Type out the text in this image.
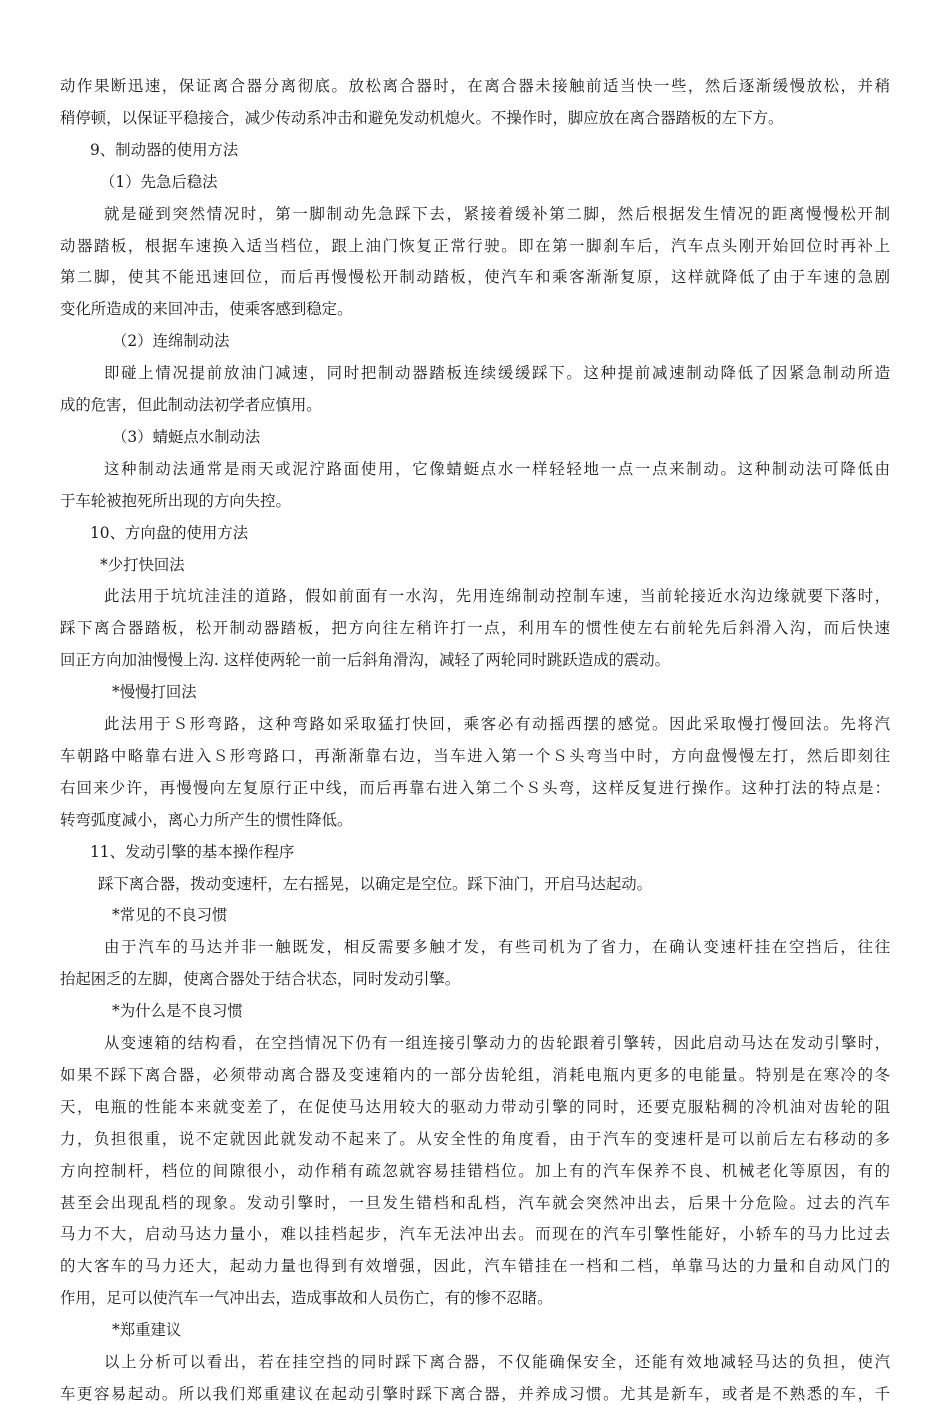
动作果断迅速，保证离合器分离彻底。放松离合器时，在离合器未接触前适当快一些，然后逐渐缓慢放松，并稍
稍停顿，以保证平稳接合，减少传动系冲击和避免发动机熄火。不操作时，脚应放在离合器踏板的左下方。
9、制动器的使用方法
（1）先急后稳法
就是碰到突然情况时，第一脚制动先急踩下去，紧接着缓补第二脚，然后根据发生情况的距离慢慢松开制
动器踏板，根据车速换入适当档位，跟上油门恢复正常行驶。即在第一脚刹车后，汽车点头刚开始回位时再补上
第二脚，使其不能迅速回位，而后再慢慢松开制动踏板，使汽车和乘客渐渐复原，这样就降低了由于车速的急剧
变化所造成的来回冲击，使乘客感到稳定。
（2）连绵制动法
即碰上情况提前放油门减速，同时把制动器踏板连续缓缓踩下。这种提前减速制动降低了因紧急制动所造
成的危害，但此制动法初学者应慎用。
（3）蜻蜓点水制动法
这种制动法通常是雨天或泥泞路面使用，它像蜻蜓点水一样轻轻地一点一点来制动。这种制动法可降低由
于车轮被抱死所出现的方向失控。
10、方向盘的使用方法
*少打快回法
此法用于坑坑洼洼的道路，假如前面有一水沟，先用连绵制动控制车速，当前轮接近水沟边缘就要下落时，
踩下离合器踏板，松开制动器踏板，把方向往左稍许打一点，利用车的惯性使左右前轮先后斜滑入沟，而后快速
回正方向加油慢慢上沟. 这样使两轮一前一后斜角滑沟，减轻了两轮同时跳跃造成的震动。
*慢慢打回法
此法用于Ｓ形弯路，这种弯路如采取猛打快回，乘客必有动摇西摆的感觉。因此采取慢打慢回法。先将汽
车朝路中略靠右进入Ｓ形弯路口，再渐渐靠右边，当车进入第一个Ｓ头弯当中时，方向盘慢慢左打，然后即刻往
右回来少许，再慢慢向左复原行正中线，而后再靠右进入第二个Ｓ头弯，这样反复进行操作。这种打法的特点是：
转弯弧度减小，离心力所产生的惯性降低。
11、发动引擎的基本操作程序
踩下离合器，拨动变速杆，左右摇晃，以确定是空位。踩下油门，开启马达起动。
*常见的不良习惯
由于汽车的马达并非一触既发，相反需要多触才发，有些司机为了省力，在确认变速杆挂在空挡后，往往
抬起困乏的左脚，使离合器处于结合状态，同时发动引擎。
*为什么是不良习惯
从变速箱的结构看，在空挡情况下仍有一组连接引擎动力的齿轮跟着引擎转，因此启动马达在发动引擎时，
如果不踩下离合器，必须带动离合器及变速箱内的一部分齿轮组，消耗电瓶内更多的电能量。特别是在寒冷的冬
天，电瓶的性能本来就变差了，在促使马达用较大的驱动力带动引擎的同时，还要克服粘稠的冷机油对齿轮的阻
力，负担很重，说不定就因此就发动不起来了。从安全性的角度看，由于汽车的变速杆是可以前后左右移动的多
方向控制杆，档位的间隙很小，动作稍有疏忽就容易挂错档位。加上有的汽车保养不良、机械老化等原因，有的
甚至会出现乱档的现象。发动引擎时，一旦发生错档和乱档，汽车就会突然冲出去，后果十分危险。过去的汽车
马力不大，启动马达力量小，难以挂档起步，汽车无法冲出去。而现在的汽车引擎性能好，小轿车的马力比过去
的大客车的马力还大，起动力量也得到有效增强，因此，汽车错挂在一档和二档，单靠马达的力量和自动风门的
作用，足可以使汽车一气冲出去，造成事故和人员伤亡，有的惨不忍睹。
*郑重建议
以上分析可以看出，若在挂空挡的同时踩下离合器，不仅能确保安全，还能有效地减轻马达的负担，使汽
车更容易起动。所以我们郑重建议在起动引擎时踩下离合器，并养成习惯。尤其是新车，或者是不熟悉的车，千
